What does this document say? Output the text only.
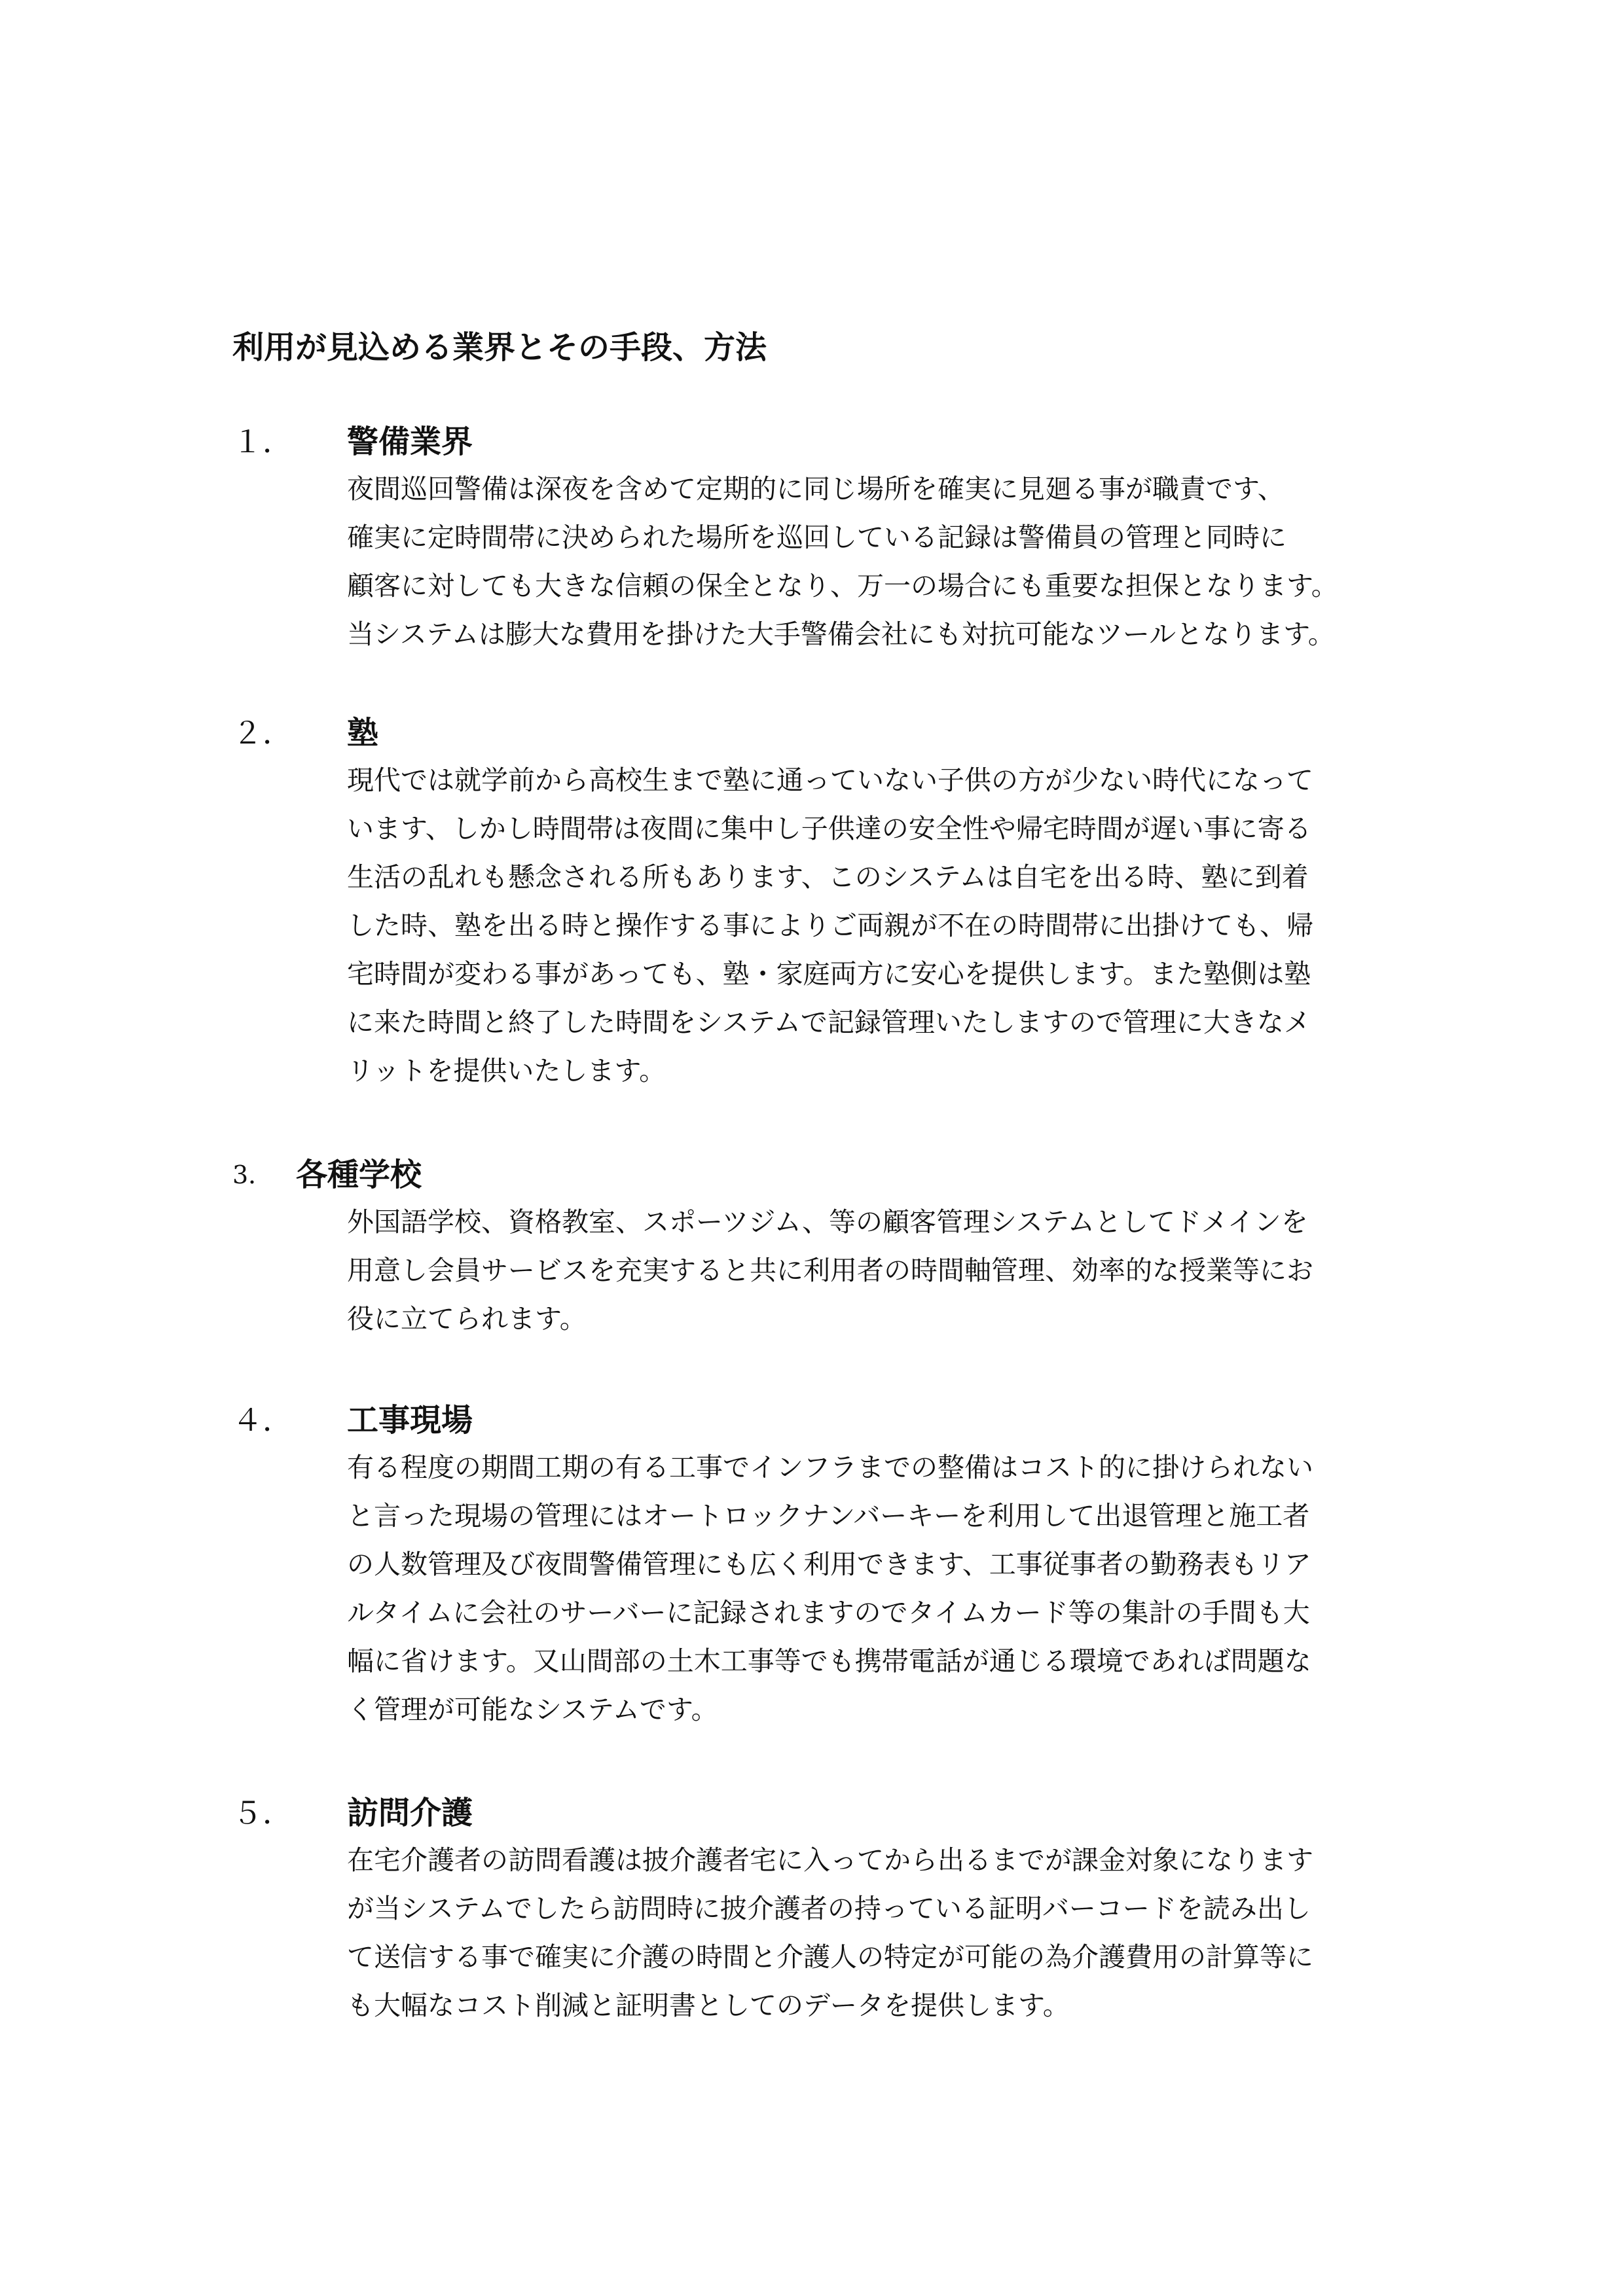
利用が見込める業界とその手段、方法
１． 警備業界
夜間巡回警備は深夜を含めて定期的に同じ場所を確実に見廻る事が職責です、
確実に定時間帯に決められた場所を巡回している記録は警備員の管理と同時に
顧客に対しても大きな信頼の保全となり、万一の場合にも重要な担保となります。
当システムは膨大な費用を掛けた大手警備会社にも対抗可能なツールとなります。
２． 塾
現代では就学前から高校生まで塾に通っていない子供の方が少ない時代になって
います、しかし時間帯は夜間に集中し子供達の安全性や帰宅時間が遅い事に寄る
生活の乱れも懸念される所もあります、このシステムは自宅を出る時、塾に到着
した時、塾を出る時と操作する事によりご両親が不在の時間帯に出掛けても、帰
宅時間が変わる事があっても、塾・家庭両方に安心を提供します。また塾側は塾
に来た時間と終了した時間をシステムで記録管理いたしますので管理に大きなメ
リットを提供いたします。
3． 各種学校
外国語学校、資格教室、スポーツジム、等の顧客管理システムとしてドメインを
用意し会員サービスを充実すると共に利用者の時間軸管理、効率的な授業等にお
役に立てられます。
４． 工事現場
有る程度の期間工期の有る工事でインフラまでの整備はコスト的に掛けられない
と言った現場の管理にはオートロックナンバーキーを利用して出退管理と施工者
の人数管理及び夜間警備管理にも広く利用できます、工事従事者の勤務表もリア
ルタイムに会社のサーバーに記録されますのでタイムカード等の集計の手間も大
幅に省けます。又山間部の土木工事等でも携帯電話が通じる環境であれば問題な
く管理が可能なシステムです。
５． 訪問介護
在宅介護者の訪問看護は披介護者宅に入ってから出るまでが課金対象になります
が当システムでしたら訪問時に披介護者の持っている証明バーコードを読み出し
て送信する事で確実に介護の時間と介護人の特定が可能の為介護費用の計算等に
も大幅なコスト削減と証明書としてのデータを提供します。
